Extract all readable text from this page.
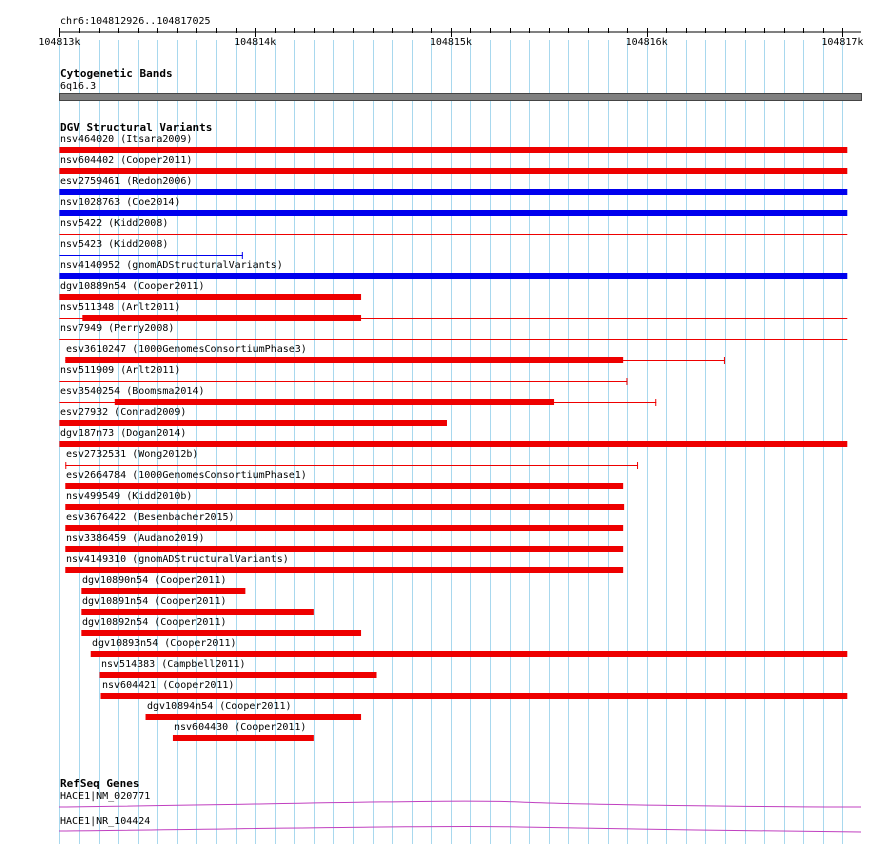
chr6:104812926..104817025
104813k	104814k	104815k	104816k	104817k
Cytogenetic Bands
6q16.3
DGV Structural Variants
nsv464020 (Itsara2009)
nsv604402 (Cooper2011)
esv2759461 (Redon2006)
nsv1028763 (Coe2014)
nsv5422 (Kidd2008)
nsv5423 (Kidd2008)
nsv4140952 (gnomADStructuralVariants)
dgv10889n54 (Cooper2011)
nsv511348 (Arlt2011)
nsv7949 (Perry2008)
esv3610247 (1000GenomesConsortiumPhase3)
nsv511909 (Arlt2011)
esv3540254 (Boomsma2014)
esv27932 (Conrad2009)
dgv187n73 (Dogan2014)
esv2732531 (Wong2012b)
esv2664784 (1000GenomesConsortiumPhase1)
nsv499549 (Kidd2010b)
esv3676422 (Besenbacher2015)
nsv3386459 (Audano2019)
nsv4149310 (gnomADStructuralVariants)
dgv10890n54 (Cooper2011)
dgv10891n54 (Cooper2011)
dgv10892n54 (Cooper2011)
dgv10893n54 (Cooper2011)
nsv514383 (Campbell2011)
nsv604421 (Cooper2011)
dgv10894n54 (Cooper2011)
nsv604430 (Cooper2011)
RefSeq Genes
HACE1|NM_020771
HACE1|NR_104424
